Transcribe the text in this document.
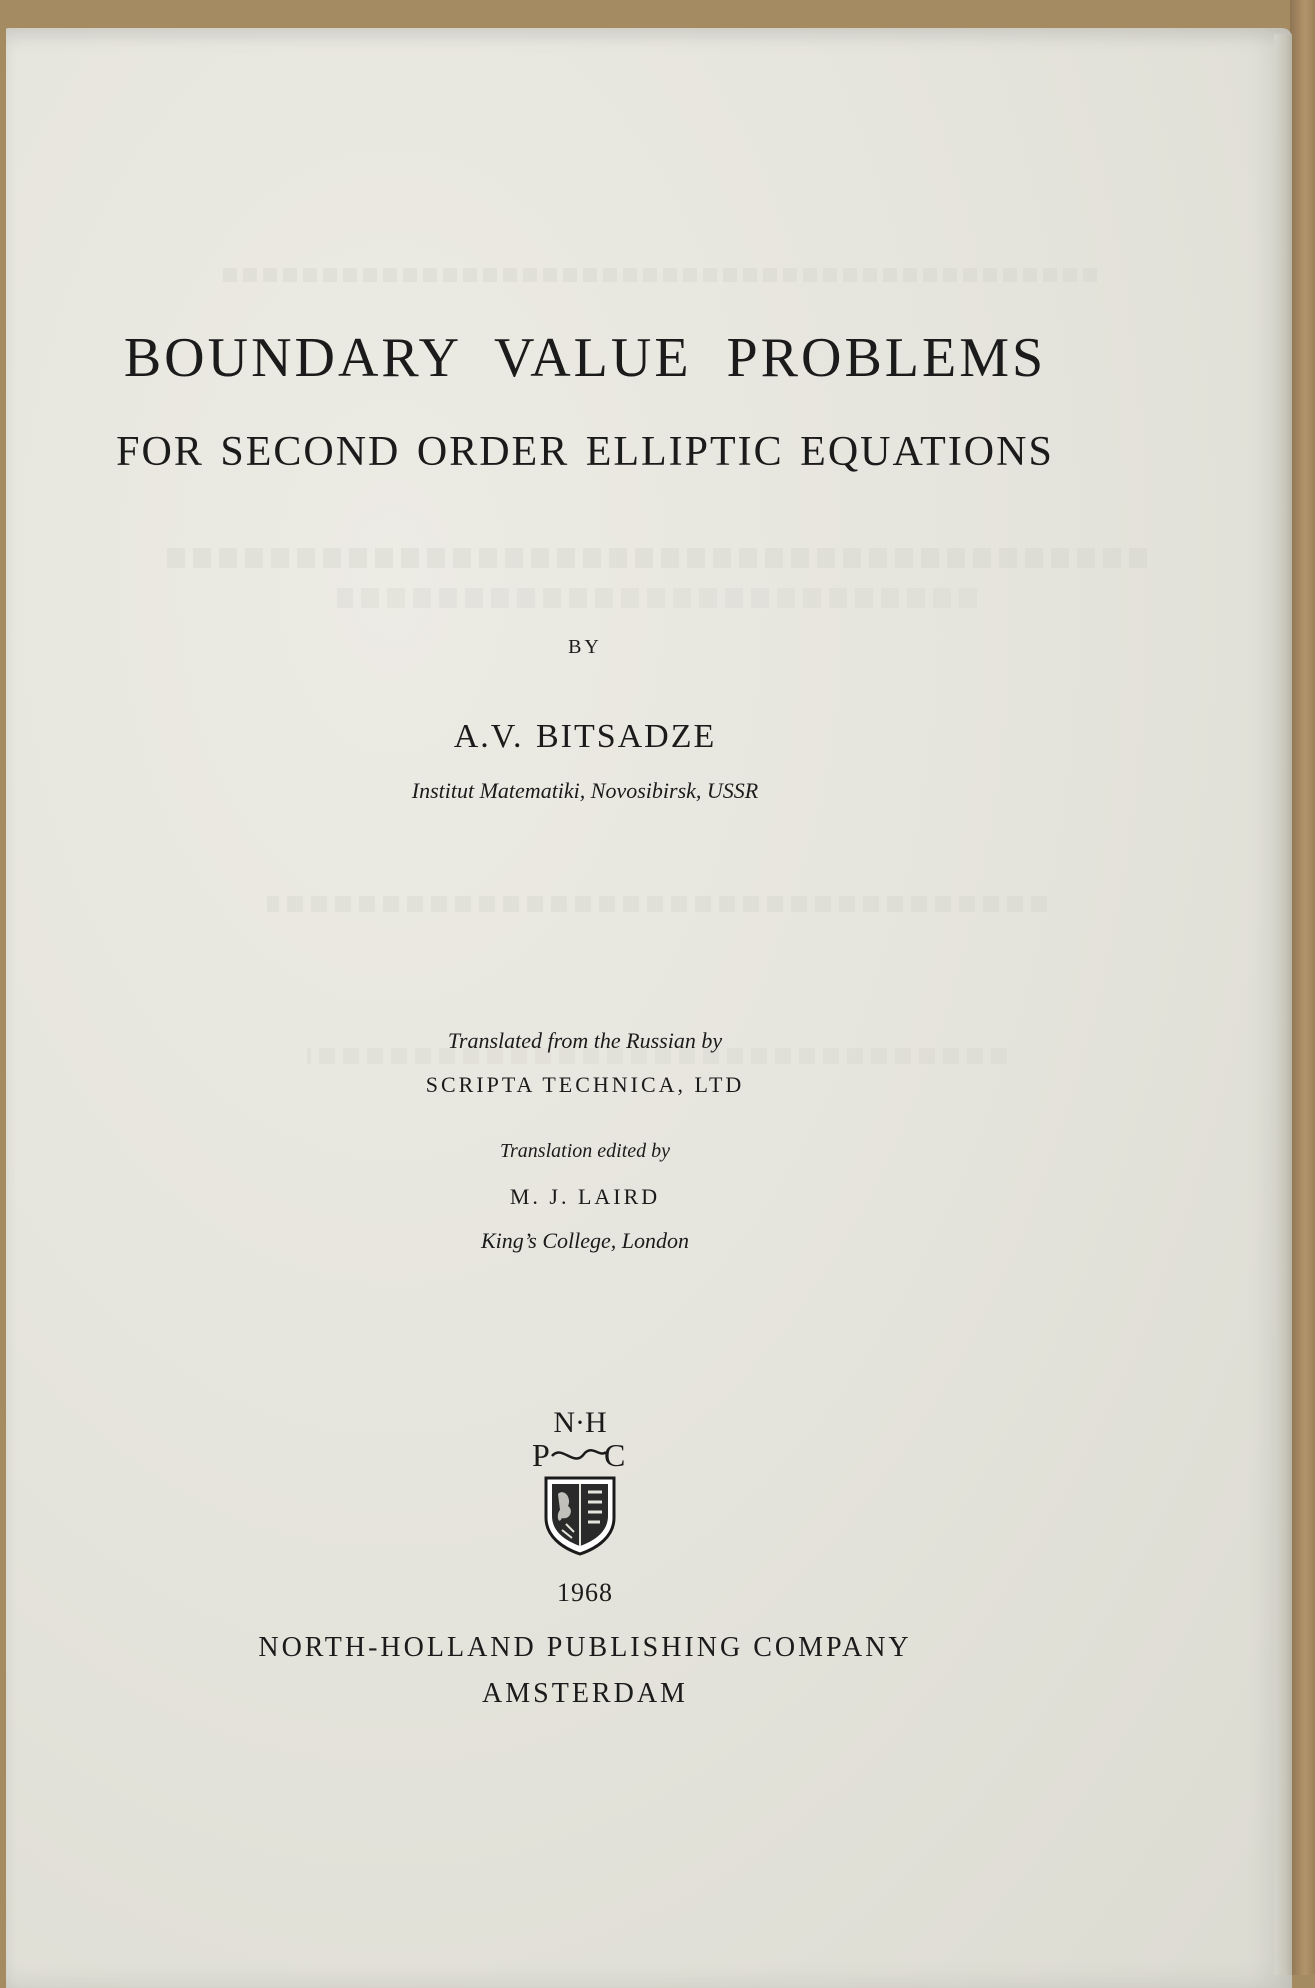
BOUNDARY VALUE PROBLEMS
FOR SECOND ORDER ELLIPTIC EQUATIONS
BY
A.V. BITSADZE
Institut Matematiki, Novosibirsk, USSR
Translated from the Russian by
SCRIPTA TECHNICA, LTD
Translation edited by
M. J. LAIRD
King’s College, London
N·H
P C
1968
NORTH-HOLLAND PUBLISHING COMPANY
AMSTERDAM
